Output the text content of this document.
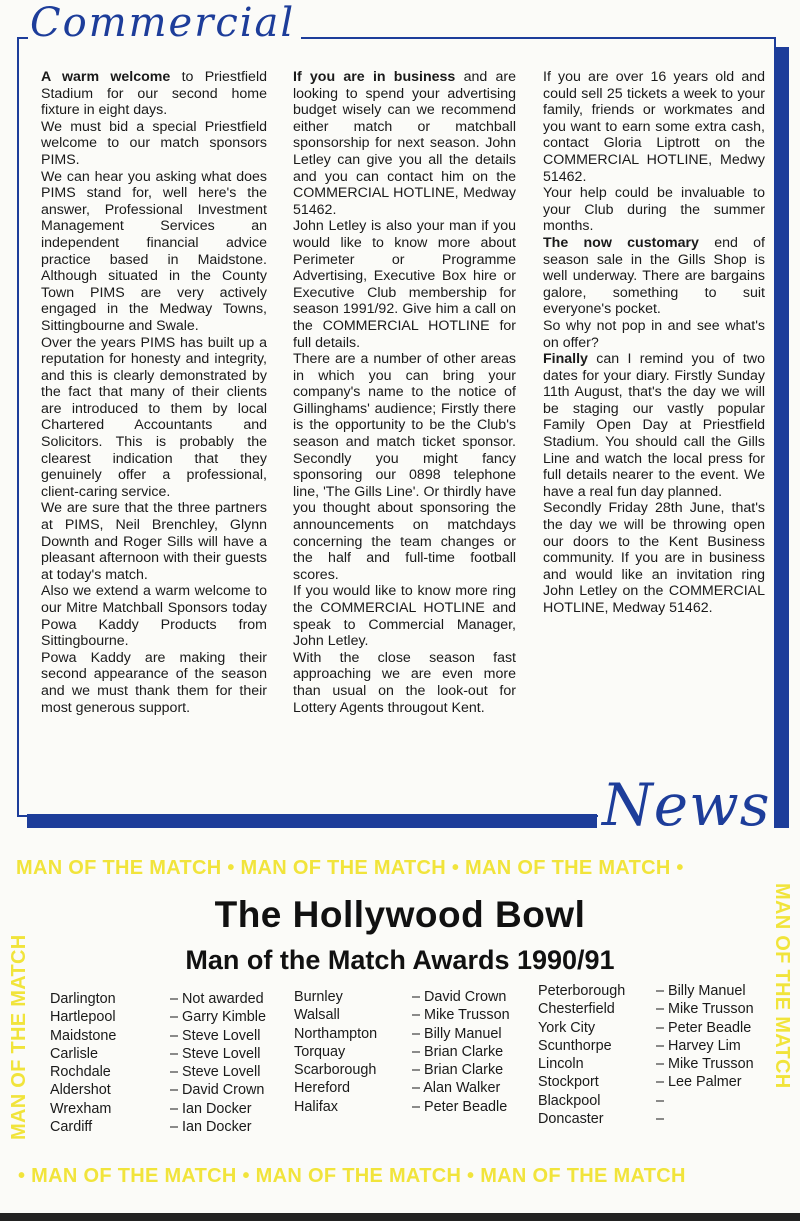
Commercial

A warm welcome to Priestfield Stadium for our second home fixture in eight days.

We must bid a special Priestfield welcome to our match sponsors PIMS.

We can hear you asking what does PIMS stand for, well here's the answer, Professional Investment Management Services an independent financial advice practice based in Maidstone. Although situated in the County Town PIMS are very actively engaged in the Medway Towns, Sittingbourne and Swale.

Over the years PIMS has built up a reputation for honesty and integrity, and this is clearly demonstrated by the fact that many of their clients are introduced to them by local Chartered Accountants and Solicitors. This is probably the clearest indication that they genuinely offer a professional, client-caring service.

We are sure that the three partners at PIMS, Neil Brenchley, Glynn Downth and Roger Sills will have a pleasant afternoon with their guests at today's match.

Also we extend a warm welcome to our Mitre Matchball Sponsors today Powa Kaddy Products from Sittingbourne.

Powa Kaddy are making their second appearance of the season and we must thank them for their most generous support.

If you are in business and are looking to spend your advertising budget wisely can we recommend either match or matchball sponsorship for next season. John Letley can give you all the details and you can contact him on the COMMERCIAL HOTLINE, Medway 51462.

John Letley is also your man if you would like to know more about Perimeter or Programme Advertising, Executive Box hire or Executive Club membership for season 1991/92. Give him a call on the COMMERCIAL HOTLINE for full details.

There are a number of other areas in which you can bring your company's name to the notice of Gillinghams' audience; Firstly there is the opportunity to be the Club's season and match ticket sponsor. Secondly you might fancy sponsoring our 0898 telephone line, 'The Gills Line'. Or thirdly have you thought about sponsoring the announcements on matchdays concerning the team changes or the half and full-time football scores.

If you would like to know more ring the COMMERCIAL HOTLINE and speak to Commercial Manager, John Letley.

With the close season fast approaching we are even more than usual on the look-out for Lottery Agents througout Kent.

If you are over 16 years old and could sell 25 tickets a week to your family, friends or workmates and you want to earn some extra cash, contact Gloria Liptrott on the COMMERCIAL HOTLINE, Medwy 51462.

Your help could be invaluable to your Club during the summer months.

The now customary end of season sale in the Gills Shop is well underway. There are bargains galore, something to suit everyone's pocket.

So why not pop in and see what's on offer?

Finally can I remind you of two dates for your diary. Firstly Sunday 11th August, that's the day we will be staging our vastly popular Family Open Day at Priestfield Stadium. You should call the Gills Line and watch the local press for full details nearer to the event. We have a real fun day planned.

Secondly Friday 28th June, that's the day we will be throwing open our doors to the Kent Business community. If you are in business and would like an invitation ring John Letley on the COMMERCIAL HOTLINE, Medway 51462.

News
MAN OF THE MATCH • MAN OF THE MATCH • MAN OF THE MATCH •
MAN OF THE MATCH	MAN OF THE MATCH
• MAN OF THE MATCH • MAN OF THE MATCH • MAN OF THE MATCH
The Hollywood Bowl
Man of the Match Awards 1990/91
Darlington	– Not awarded
Hartlepool	– Garry Kimble
Maidstone	– Steve Lovell
Carlisle	– Steve Lovell
Rochdale	– Steve Lovell
Aldershot	– David Crown
Wrexham	– Ian Docker
Cardiff	– Ian Docker
Burnley	– David Crown
Walsall	– Mike Trusson
Northampton	– Billy Manuel
Torquay	– Brian Clarke
Scarborough	– Brian Clarke
Hereford	– Alan Walker
Halifax	– Peter Beadle
Peterborough	– Billy Manuel
Chesterfield	– Mike Trusson
York City	– Peter Beadle
Scunthorpe	– Harvey Lim
Lincoln	– Mike Trusson
Stockport	– Lee Palmer
Blackpool	–
Doncaster	–
